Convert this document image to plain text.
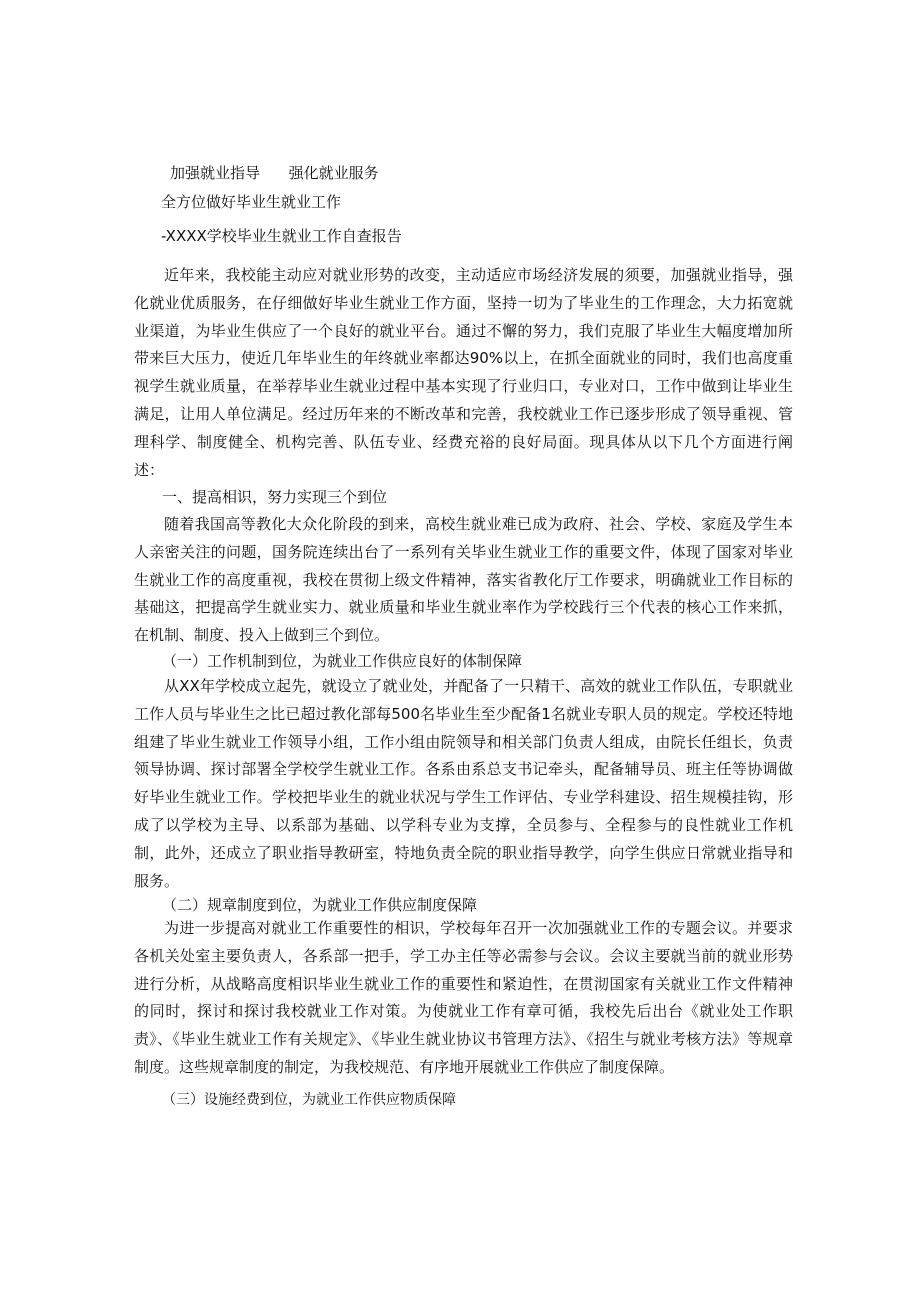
加强就业指导      强化就业服务
全方位做好毕业生就业工作
-XXXX学校毕业生就业工作自查报告

近年来，我校能主动应对就业形势的改变，主动适应市场经济发展的须要，加强就业指导，强化就业优质服务，在仔细做好毕业生就业工作方面，坚持一切为了毕业生的工作理念，大力拓宽就业渠道，为毕业生供应了一个良好的就业平台。通过不懈的努力，我们克服了毕业生大幅度增加所带来巨大压力，使近几年毕业生的年终就业率都达90%以上，在抓全面就业的同时，我们也高度重视学生就业质量，在举荐毕业生就业过程中基本实现了行业归口，专业对口，工作中做到让毕业生满足，让用人单位满足。经过历年来的不断改革和完善，我校就业工作已逐步形成了领导重视、管理科学、制度健全、机构完善、队伍专业、经费充裕的良好局面。现具体从以下几个方面进行阐述：

一、提高相识，努力实现三个到位

随着我国高等教化大众化阶段的到来，高校生就业难已成为政府、社会、学校、家庭及学生本人亲密关注的问题，国务院连续出台了一系列有关毕业生就业工作的重要文件，体现了国家对毕业生就业工作的高度重视，我校在贯彻上级文件精神，落实省教化厅工作要求，明确就业工作目标的基础这，把提高学生就业实力、就业质量和毕业生就业率作为学校践行三个代表的核心工作来抓，在机制、制度、投入上做到三个到位。

（一）工作机制到位，为就业工作供应良好的体制保障

从XX年学校成立起先，就设立了就业处，并配备了一只精干、高效的就业工作队伍，专职就业工作人员与毕业生之比已超过教化部每500名毕业生至少配备1名就业专职人员的规定。学校还特地组建了毕业生就业工作领导小组，工作小组由院领导和相关部门负责人组成，由院长任组长，负责领导协调、探讨部署全学校学生就业工作。各系由系总支书记牵头，配备辅导员、班主任等协调做好毕业生就业工作。学校把毕业生的就业状况与学生工作评估、专业学科建设、招生规模挂钩，形成了以学校为主导、以系部为基础、以学科专业为支撑，全员参与、全程参与的良性就业工作机制，此外，还成立了职业指导教研室，特地负责全院的职业指导教学，向学生供应日常就业指导和服务。

（二）规章制度到位，为就业工作供应制度保障

为进一步提高对就业工作重要性的相识，学校每年召开一次加强就业工作的专题会议。并要求各机关处室主要负责人，各系部一把手，学工办主任等必需参与会议。会议主要就当前的就业形势进行分析，从战略高度相识毕业生就业工作的重要性和紧迫性，在贯沏国家有关就业工作文件精神的同时，探讨和探讨我校就业工作对策。为使就业工作有章可循，我校先后出台《就业处工作职责》、《毕业生就业工作有关规定》、《毕业生就业协议书管理方法》、《招生与就业考核方法》等规章制度。这些规章制度的制定，为我校规范、有序地开展就业工作供应了制度保障。

（三）设施经费到位，为就业工作供应物质保障
